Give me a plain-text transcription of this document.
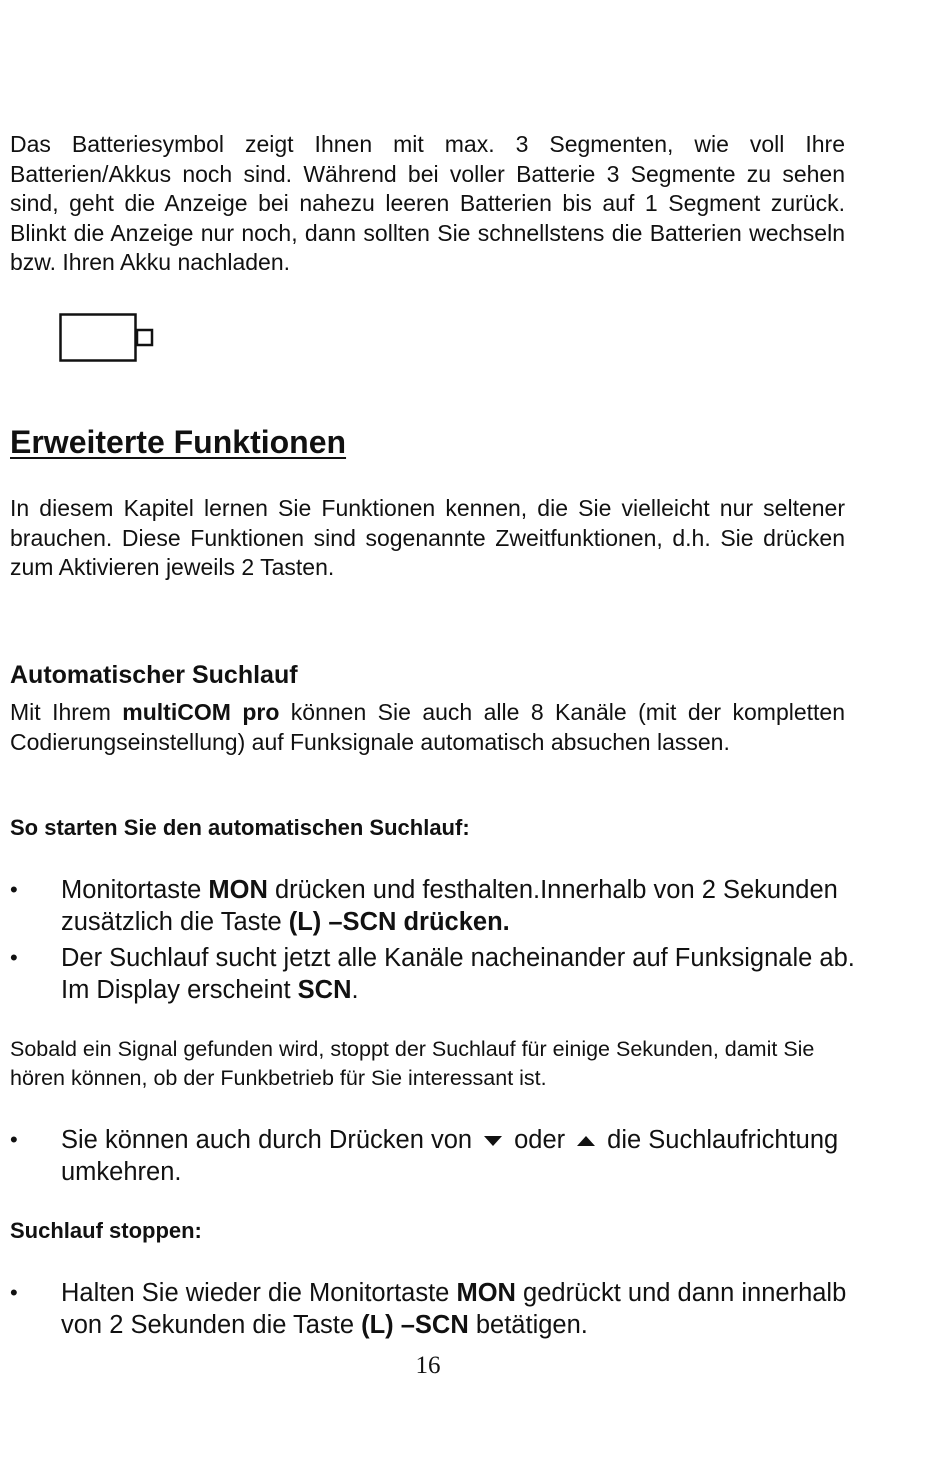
Das Batteriesymbol zeigt Ihnen mit max. 3 Segmenten, wie voll Ihre Batterien/Akkus noch sind. Während bei voller Batterie 3 Segmente zu sehen sind, geht die Anzeige bei nahezu leeren Batterien bis auf 1 Segment zurück. Blinkt die Anzeige nur noch, dann sollten Sie schnellstens die Batterien wechseln bzw. Ihren Akku nachladen.

Erweiterte Funktionen

In diesem Kapitel lernen Sie Funktionen kennen, die Sie vielleicht nur seltener brauchen. Diese Funktionen sind sogenannte Zweitfunktionen, d.h. Sie drücken zum Aktivieren jeweils 2 Tasten.

Automatischer Suchlauf

Mit Ihrem multiCOM pro können Sie auch alle 8 Kanäle (mit der kompletten Codierungseinstellung) auf Funksignale automatisch absuchen lassen.

So starten Sie den automatischen Suchlauf:
• Monitortaste MON drücken und festhalten.Innerhalb von 2 Sekunden zusätzlich die Taste (L) –SCN drücken.
• Der Suchlauf sucht jetzt alle Kanäle nacheinander auf Funksignale ab. Im Display erscheint SCN.

Sobald ein Signal gefunden wird, stoppt der Suchlauf für einige Sekunden, damit Sie hören können, ob der Funkbetrieb für Sie interessant ist.

• Sie können auch durch Drücken von oder die Suchlaufrichtung umkehren.
Suchlauf stoppen:
• Halten Sie wieder die Monitortaste MON gedrückt und dann innerhalb von 2 Sekunden die Taste (L) –SCN betätigen.
16
